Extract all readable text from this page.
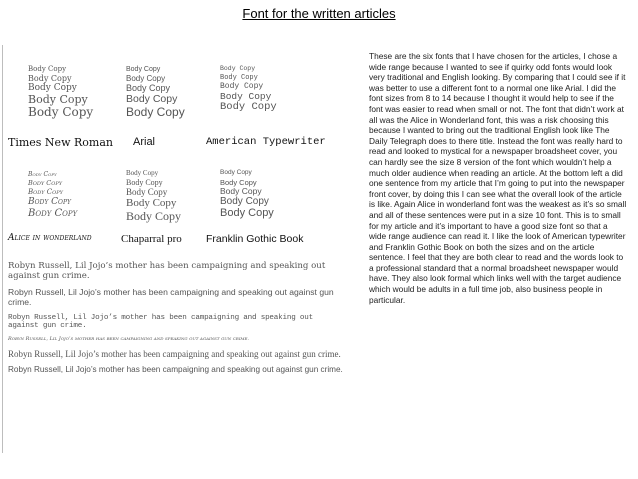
Font for the written articles
Body Copy
Body Copy
Body Copy
Body Copy
Body Copy
Times New Roman
Body Copy
Body Copy
Body Copy
Body Copy
Body Copy
Arial
Body Copy
Body Copy
Body Copy
Body Copy
Body Copy
American Typewriter
Body Copy
Body Copy
Body Copy
Body Copy
Body Copy
Alice in wonderland
Body Copy
Body Copy
Body Copy
Body Copy
Body Copy
Chaparral pro
Body Copy
Body Copy
Body Copy
Body Copy
Body Copy
Franklin Gothic Book

Robyn Russell, Lil Jojo’s mother has been campaigning and speaking out against gun crime.

Robyn Russell, Lil Jojo’s mother has been campaigning and speaking out against gun crime.

Robyn Russell, Lil Jojo’s mother has been campaigning and speaking out against gun crime.

Robyn Russell, Lil Jojo’s mother has been campaigning and speaking out against gun crime.

Robyn Russell, Lil Jojo’s mother has been campaigning and speaking out against gun crime.

Robyn Russell, Lil Jojo’s mother has been campaigning and speaking out against gun crime.

These are the six fonts that I have chosen for the articles, I chose a wide range because I wanted to see if quirky odd fonts would look very traditional and English looking. By comparing that I could see if it was better to use a different font to a normal one like Arial. I did the font sizes from 8 to 14 because I thought it would help to see if the font was easier to read when small or not. The font that didn’t work at all was the Alice in Wonderland font, this was a risk choosing this because I wanted to bring out the traditional English look like The Daily Telegraph does to there title. Instead the font was really hard to read and looked to mystical for a newspaper broadsheet cover, you can hardly see the size 8 version of the font which wouldn’t help a much older audience when reading an article. At the bottom left a did one sentence from my article that I’m going to put into the newspaper front cover, by doing this I can see what the overall look of the article is like. Again Alice in wonderland font was the weakest as it’s so small and all of these sentences were put in a size 10 font. This is to small for my article and it’s important to have a good size font so that a wide range audience can read it. I like the look of American typewriter and Franklin Gothic Book on both the sizes and on the article sentence. I feel that they are both clear to read and the words look to a professional standard that a normal broadsheet newspaper would have. They also look formal which links well with the target audience which would be adults in a full time job, also business people in particular.
